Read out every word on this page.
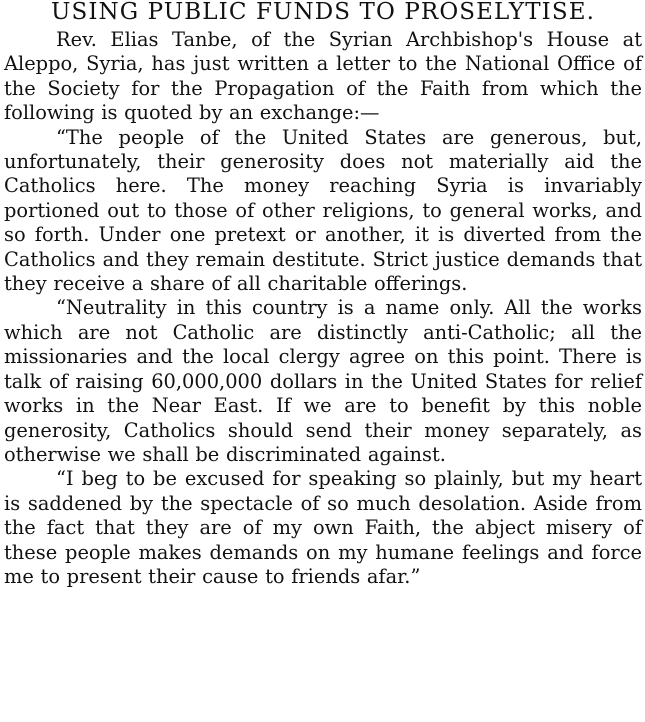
USING PUBLIC FUNDS TO PROSELYTISE.

Rev. Elias Tanbe, of the Syrian Archbishop's House at Aleppo, Syria, has just written a letter to the National Office of the Society for the Propagation of the Faith from which the following is quoted by an exchange:—

“The people of the United States are generous, but, unfortunately, their generosity does not materially aid the Catholics here. The money reaching Syria is invariably portioned out to those of other religions, to general works, and so forth. Under one pretext or another, it is diverted from the Catholics and they remain destitute. Strict justice demands that they receive a share of all charitable offerings.

“Neutrality in this country is a name only. All the works which are not Catholic are distinctly anti-Catholic; all the missionaries and the local clergy agree on this point. There is talk of raising 60,000,000 dollars in the United States for relief works in the Near East. If we are to benefit by this noble generosity, Catholics should send their money separately, as otherwise we shall be discriminated against.

“I beg to be excused for speaking so plainly, but my heart is saddened by the spectacle of so much desolation. Aside from the fact that they are of my own Faith, the abject misery of these people makes demands on my humane feelings and force me to present their cause to friends afar.”
